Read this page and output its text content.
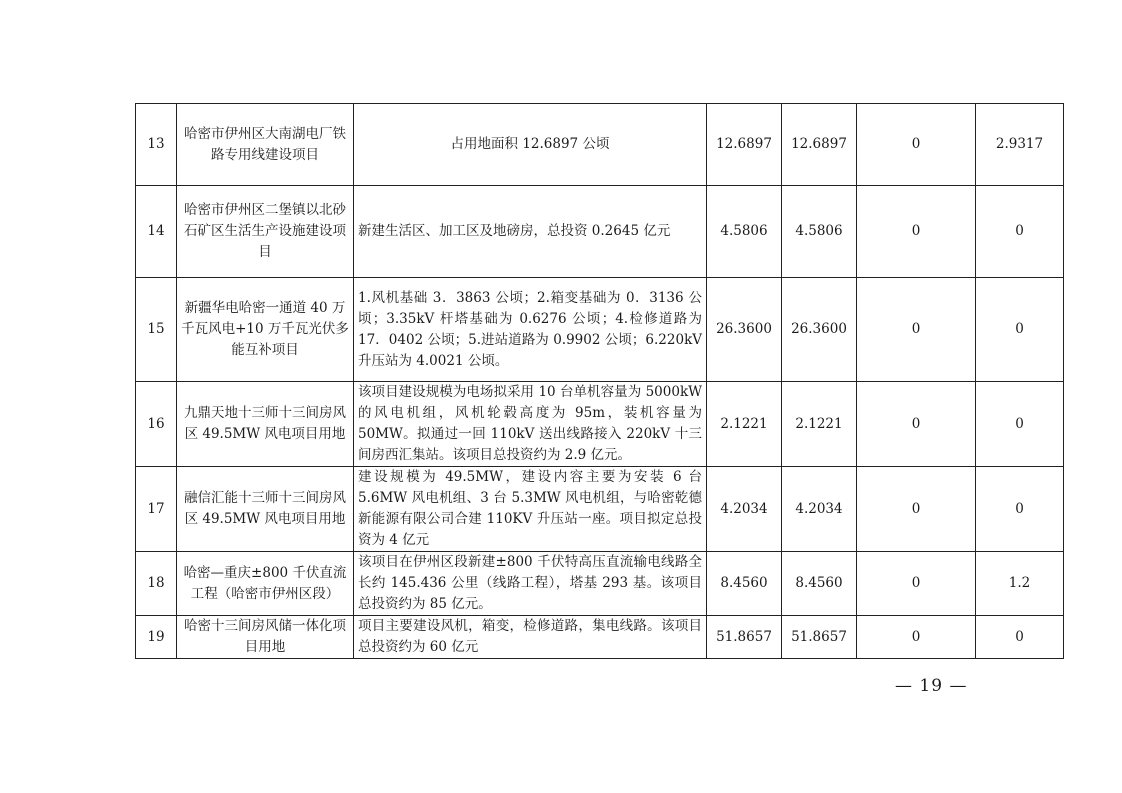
13	哈密市伊州区大南湖电厂铁路专用线建设项目	占用地面积 12.6897 公顷	12.6897	12.6897	0	2.9317
14	哈密市伊州区二堡镇以北砂石矿区生活生产设施建设项目	新建生活区、加工区及地磅房，总投资 0.2645 亿元	4.5806	4.5806	0	0
15	新疆华电哈密一通道 40 万千瓦风电+10 万千瓦光伏多能互补项目	1.风机基础 3．3863 公顷；2.箱变基础为 0．3136 公顷；3.35kV 杆塔基础为 0.6276 公顷；4.检修道路为 17．0402 公顷；5.进站道路为 0.9902 公顷；6.220kV 升压站为 4.0021 公顷。	26.3600	26.3600	0	0
16	九鼎天地十三师十三间房风区 49.5MW 风电项目用地	该项目建设规模为电场拟采用 10 台单机容量为 5000kW 的风电机组，风机轮毂高度为 95m，装机容量为 50MW。拟通过一回 110kV 送出线路接入 220kV 十三间房西汇集站。该项目总投资约为 2.9 亿元。	2.1221	2.1221	0	0
17	融信汇能十三师十三间房风区 49.5MW 风电项目用地	建设规模为 49.5MW，建设内容主要为安装 6 台 5.6MW 风电机组、3 台 5.3MW 风电机组，与哈密乾德新能源有限公司合建 110KV 升压站一座。项目拟定总投资为 4 亿元	4.2034	4.2034	0	0
18	哈密—重庆±800 千伏直流工程（哈密市伊州区段）	该项目在伊州区段新建±800 千伏特高压直流输电线路全长约 145.436 公里（线路工程），塔基 293 基。该项目总投资约为 85 亿元。	8.4560	8.4560	0	1.2
19	哈密十三间房风储一体化项目用地	项目主要建设风机，箱变，检修道路，集电线路。该项目总投资约为 60 亿元	51.8657	51.8657	0	0
— 19 —
